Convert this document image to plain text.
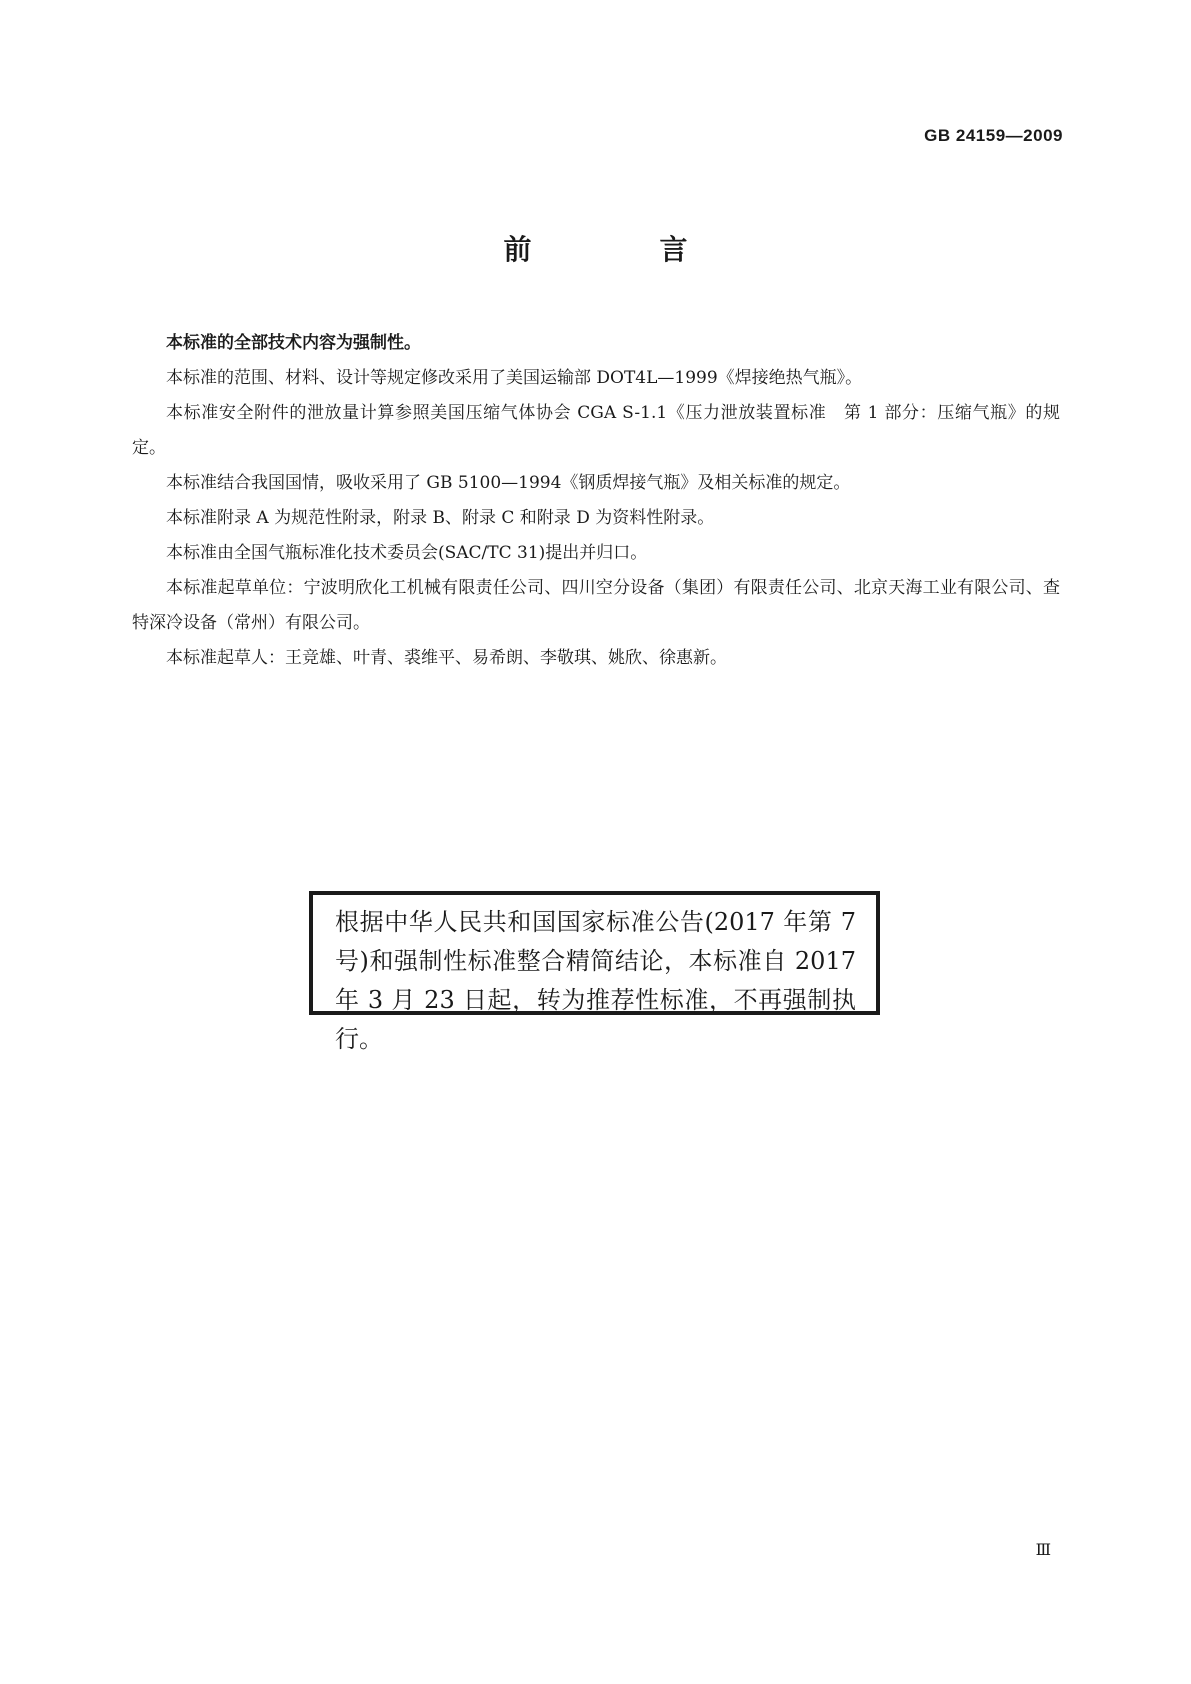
GB 24159—2009
前　言

本标准的全部技术内容为强制性。

本标准的范围、材料、设计等规定修改采用了美国运输部 DOT4L—1999《焊接绝热气瓶》。

本标准安全附件的泄放量计算参照美国压缩气体协会 CGA S-1.1《压力泄放装置标准　第 1 部分：压缩气瓶》的规定。

本标准结合我国国情，吸收采用了 GB 5100—1994《钢质焊接气瓶》及相关标准的规定。

本标准附录 A 为规范性附录，附录 B、附录 C 和附录 D 为资料性附录。

本标准由全国气瓶标准化技术委员会(SAC/TC 31)提出并归口。

本标准起草单位：宁波明欣化工机械有限责任公司、四川空分设备（集团）有限责任公司、北京天海工业有限公司、查特深冷设备（常州）有限公司。

本标准起草人：王竞雄、叶青、裘维平、易希朗、李敬琪、姚欣、徐惠新。

根据中华人民共和国国家标准公告(2017 年第 7 号)和强制性标准整合精简结论，本标准自 2017 年 3 月 23 日起，转为推荐性标准，不再强制执行。

Ⅲ
